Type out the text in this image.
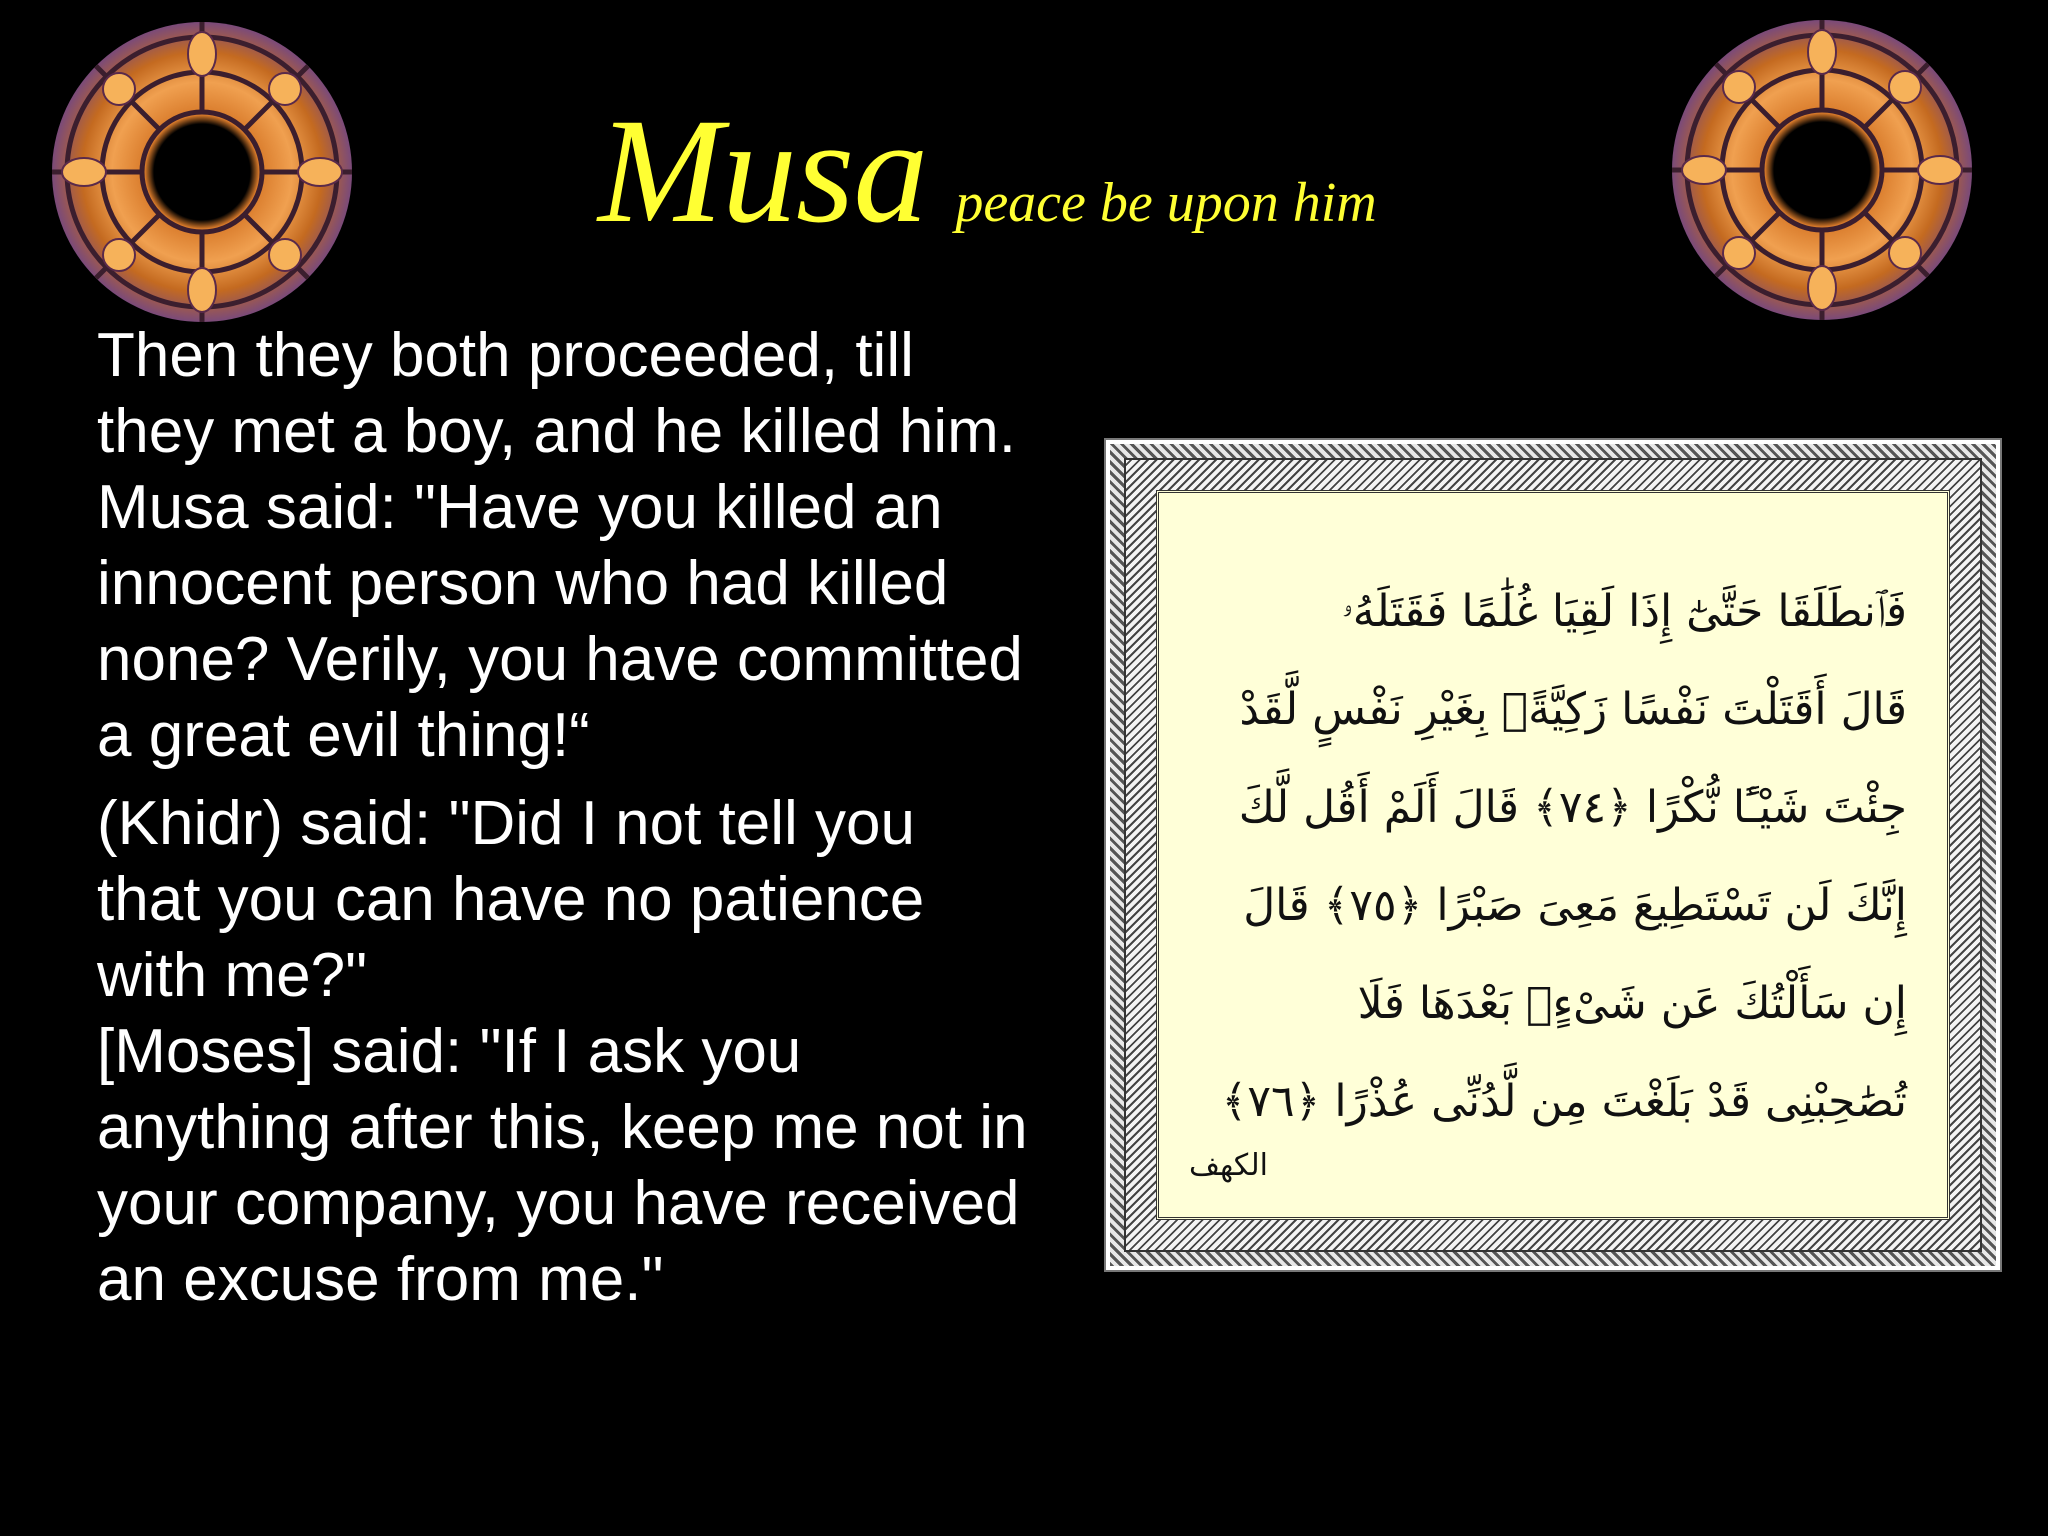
Musa peace be upon him

Then they both proceeded, till
they met a boy, and he killed him.
Musa said: "Have you killed an
innocent person who had killed
none? Verily, you have committed
a great evil thing!“

(Khidr) said: "Did I not tell you
that you can have no patience
with me?"
[Moses] said: "If I ask you
anything after this, keep me not in
your company, you have received
an excuse from me."

فَٱنطَلَقَا حَتَّىٰٓ إِذَا لَقِيَا غُلَٰمًا فَقَتَلَهُۥ
قَالَ أَقَتَلْتَ نَفْسًا زَكِيَّةًۢ بِغَيْرِ نَفْسٍ لَّقَدْ
جِئْتَ شَيْـًٔا نُّكْرًا ﴿٧٤﴾ قَالَ أَلَمْ أَقُل لَّكَ
إِنَّكَ لَن تَسْتَطِيعَ مَعِىَ صَبْرًا ﴿٧٥﴾ قَالَ
إِن سَأَلْتُكَ عَن شَىْءٍۭ بَعْدَهَا فَلَا
تُصَٰحِبْنِى قَدْ بَلَغْتَ مِن لَّدُنِّى عُذْرًا ﴿٧٦﴾
الكهف
